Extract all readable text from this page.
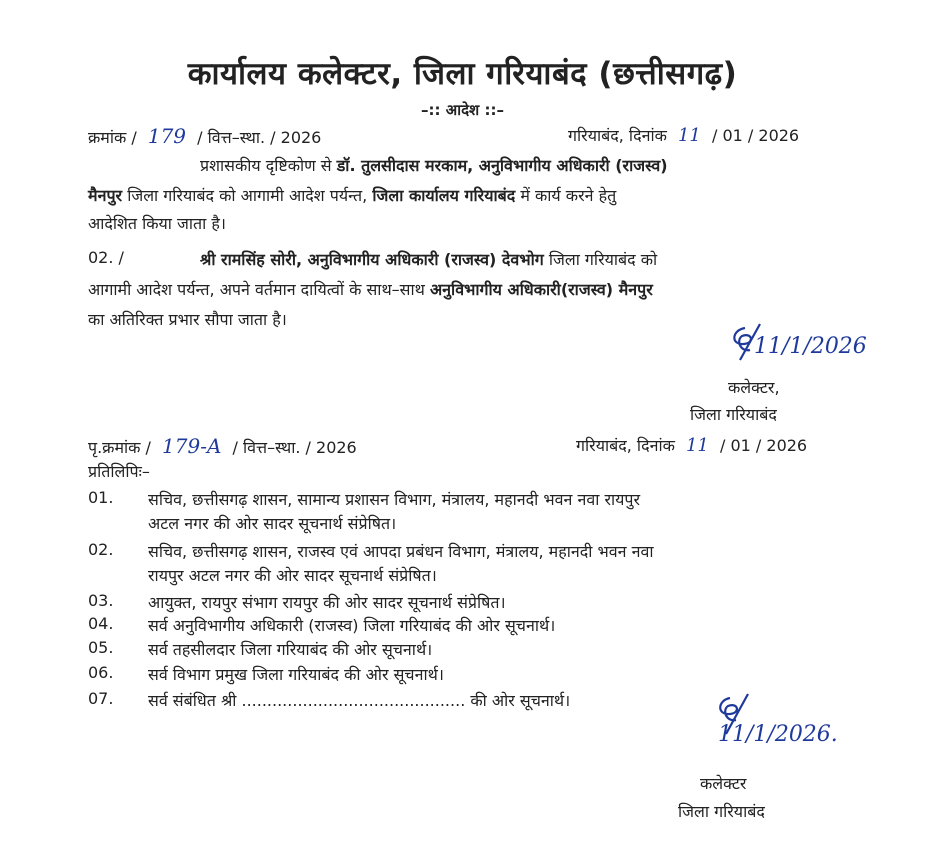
कार्यालय कलेक्टर, जिला गरियाबंद (छत्तीसगढ़)
–:: आदेश ::–
क्रमांक / 179 / वित्त–स्था. / 2026	गरियाबंद, दिनांक 11 / 01 / 2026
प्रशासकीय दृष्टिकोण से डॉ. तुलसीदास मरकाम, अनुविभागीय अधिकारी (राजस्व)
मैनपुर जिला गरियाबंद को आगामी आदेश पर्यन्त, जिला कार्यालय गरियाबंद में कार्य करने हेतु
आदेशित किया जाता है।
02. /	श्री रामसिंह सोरी, अनुविभागीय अधिकारी (राजस्व) देवभोग जिला गरियाबंद को
आगामी आदेश पर्यन्त, अपने वर्तमान दायित्वों के साथ–साथ अनुविभागीय अधिकारी(राजस्व) मैनपुर
का अतिरिक्त प्रभार सौपा जाता है।
11/1/2026
कलेक्टर,
जिला गरियाबंद
पृ.क्रमांक / 179-A / वित्त–स्था. / 2026	गरियाबंद, दिनांक 11 / 01 / 2026
प्रतिलिपिः–
01. सचिव, छत्तीसगढ़ शासन, सामान्य प्रशासन विभाग, मंत्रालय, महानदी भवन नवा रायपुर
अटल नगर की ओर सादर सूचनार्थ संप्रेषित।
02. सचिव, छत्तीसगढ़ शासन, राजस्व एवं आपदा प्रबंधन विभाग, मंत्रालय, महानदी भवन नवा
रायपुर अटल नगर की ओर सादर सूचनार्थ संप्रेषित।
03. आयुक्त, रायपुर संभाग रायपुर की ओर सादर सूचनार्थ संप्रेषित।
04. सर्व अनुविभागीय अधिकारी (राजस्व) जिला गरियाबंद की ओर सूचनार्थ।
05. सर्व तहसीलदार जिला गरियाबंद की ओर सूचनार्थ।
06. सर्व विभाग प्रमुख जिला गरियाबंद की ओर सूचनार्थ।
07. सर्व संबंधित श्री ............................................ की ओर सूचनार्थ।
11/1/2026.
कलेक्टर
जिला गरियाबंद
